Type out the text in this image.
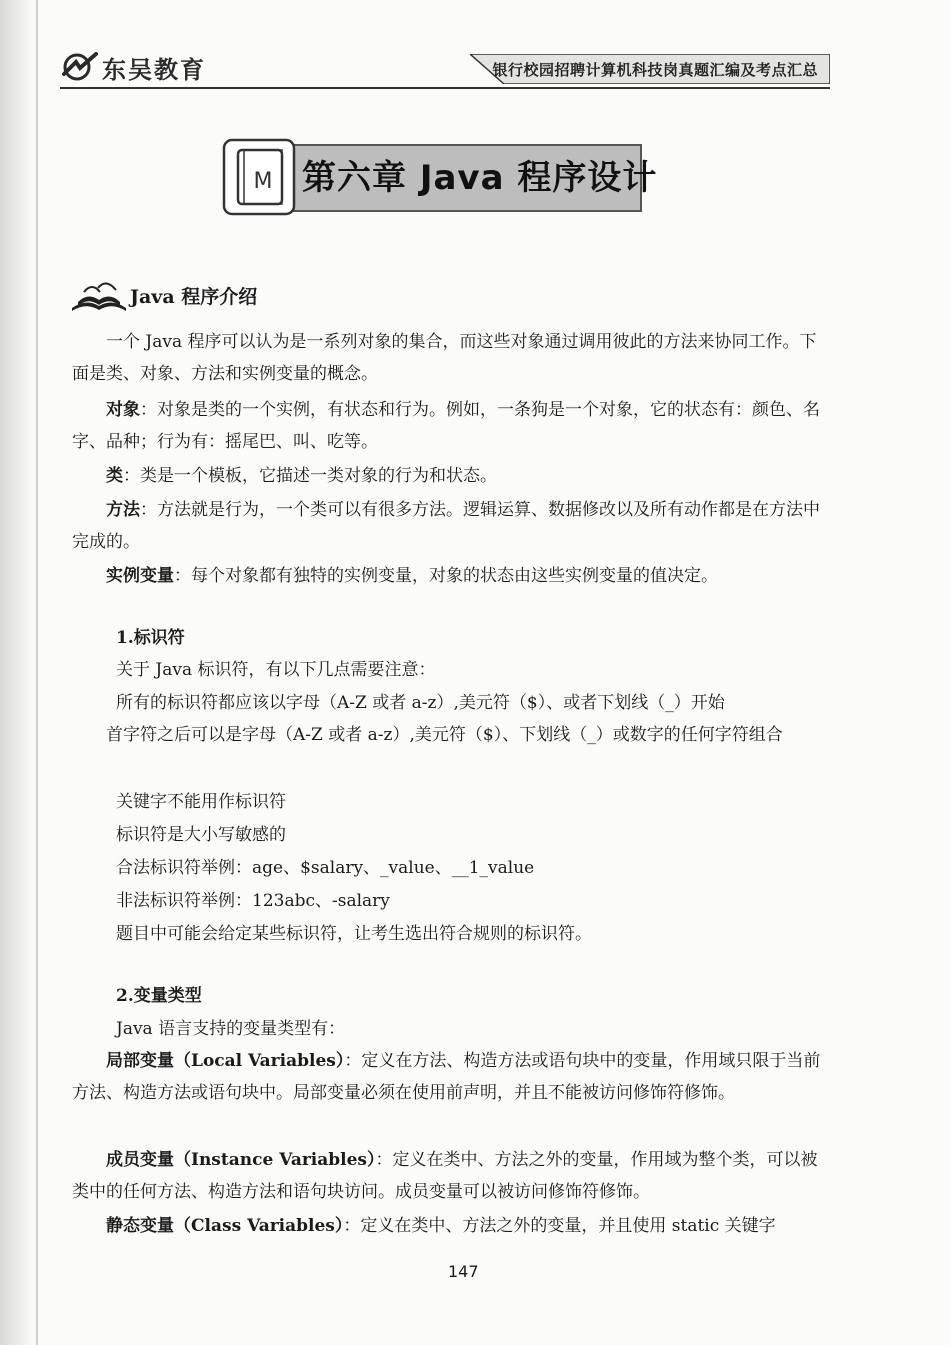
东吴教育	银行校园招聘计算机科技岗真题汇编及考点汇总
M 第六章 Java 程序设计
Java 程序介绍

一个 Java 程序可以认为是一系列对象的集合，而这些对象通过调用彼此的方法来协同工作。下面是类、对象、方法和实例变量的概念。

对象：对象是类的一个实例，有状态和行为。例如，一条狗是一个对象，它的状态有：颜色、名字、品种；行为有：摇尾巴、叫、吃等。

类：类是一个模板，它描述一类对象的行为和状态。

方法：方法就是行为，一个类可以有很多方法。逻辑运算、数据修改以及所有动作都是在方法中完成的。

实例变量：每个对象都有独特的实例变量，对象的状态由这些实例变量的值决定。

1.标识符
关于 Java 标识符，有以下几点需要注意：
所有的标识符都应该以字母（A-Z 或者 a-z）,美元符（$）、或者下划线（_）开始

首字符之后可以是字母（A-Z 或者 a-z）,美元符（$）、下划线（_）或数字的任何字符组合

关键字不能用作标识符
标识符是大小写敏感的
合法标识符举例：age、$salary、_value、__1_value
非法标识符举例：123abc、-salary
题目中可能会给定某些标识符，让考生选出符合规则的标识符。
2.变量类型
Java 语言支持的变量类型有：

局部变量（Local Variables）：定义在方法、构造方法或语句块中的变量，作用域只限于当前方法、构造方法或语句块中。局部变量必须在使用前声明，并且不能被访问修饰符修饰。

成员变量（Instance Variables）：定义在类中、方法之外的变量，作用域为整个类，可以被类中的任何方法、构造方法和语句块访问。成员变量可以被访问修饰符修饰。

静态变量（Class Variables）：定义在类中、方法之外的变量，并且使用 static 关键字

147
